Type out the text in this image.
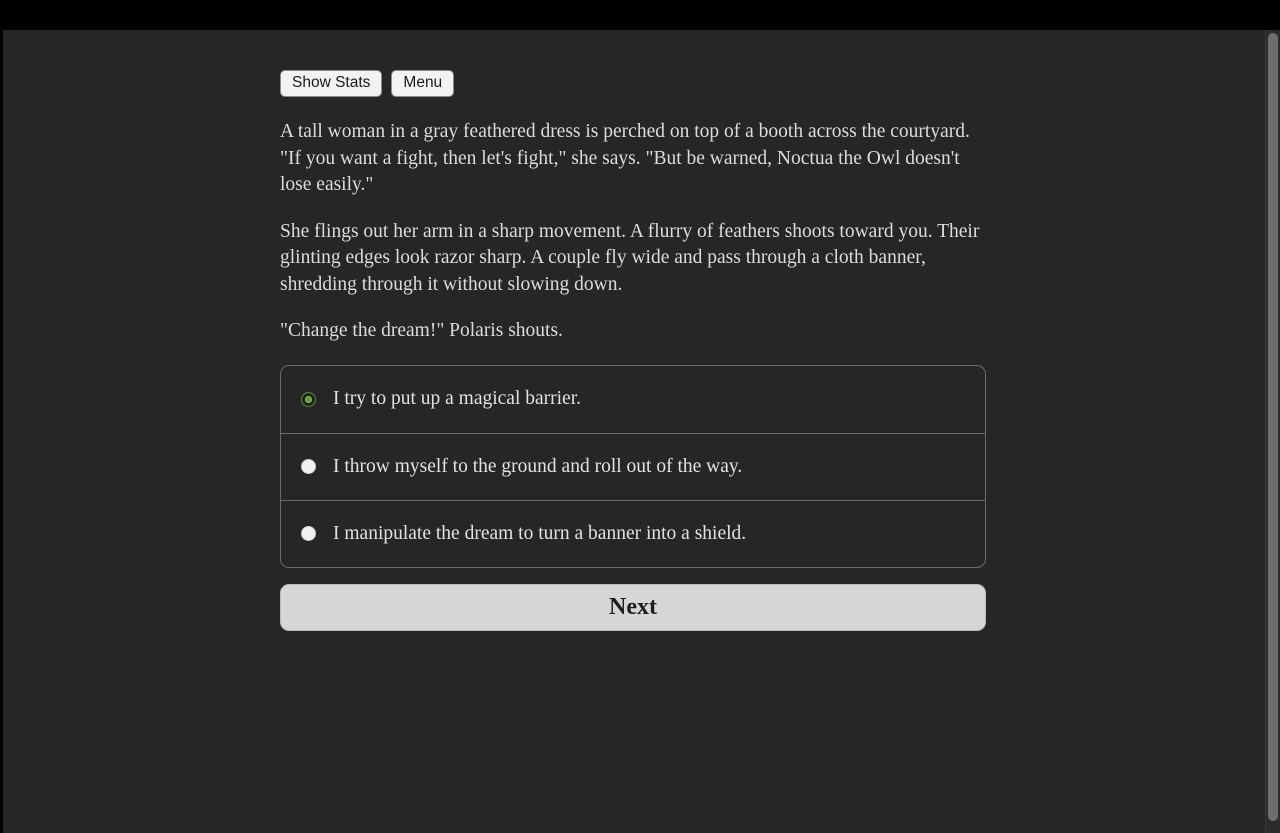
Show Stats	Menu

A tall woman in a gray feathered dress is perched on top of a booth across the courtyard. "If you want a fight, then let's fight," she says. "But be warned, Noctua the Owl doesn't lose easily."

She flings out her arm in a sharp movement. A flurry of feathers shoots toward you. Their glinting edges look razor sharp. A couple fly wide and pass through a cloth banner, shredding through it without slowing down.

"Change the dream!" Polaris shouts.

I try to put up a magical barrier.
I throw myself to the ground and roll out of the way.
I manipulate the dream to turn a banner into a shield.
Next
